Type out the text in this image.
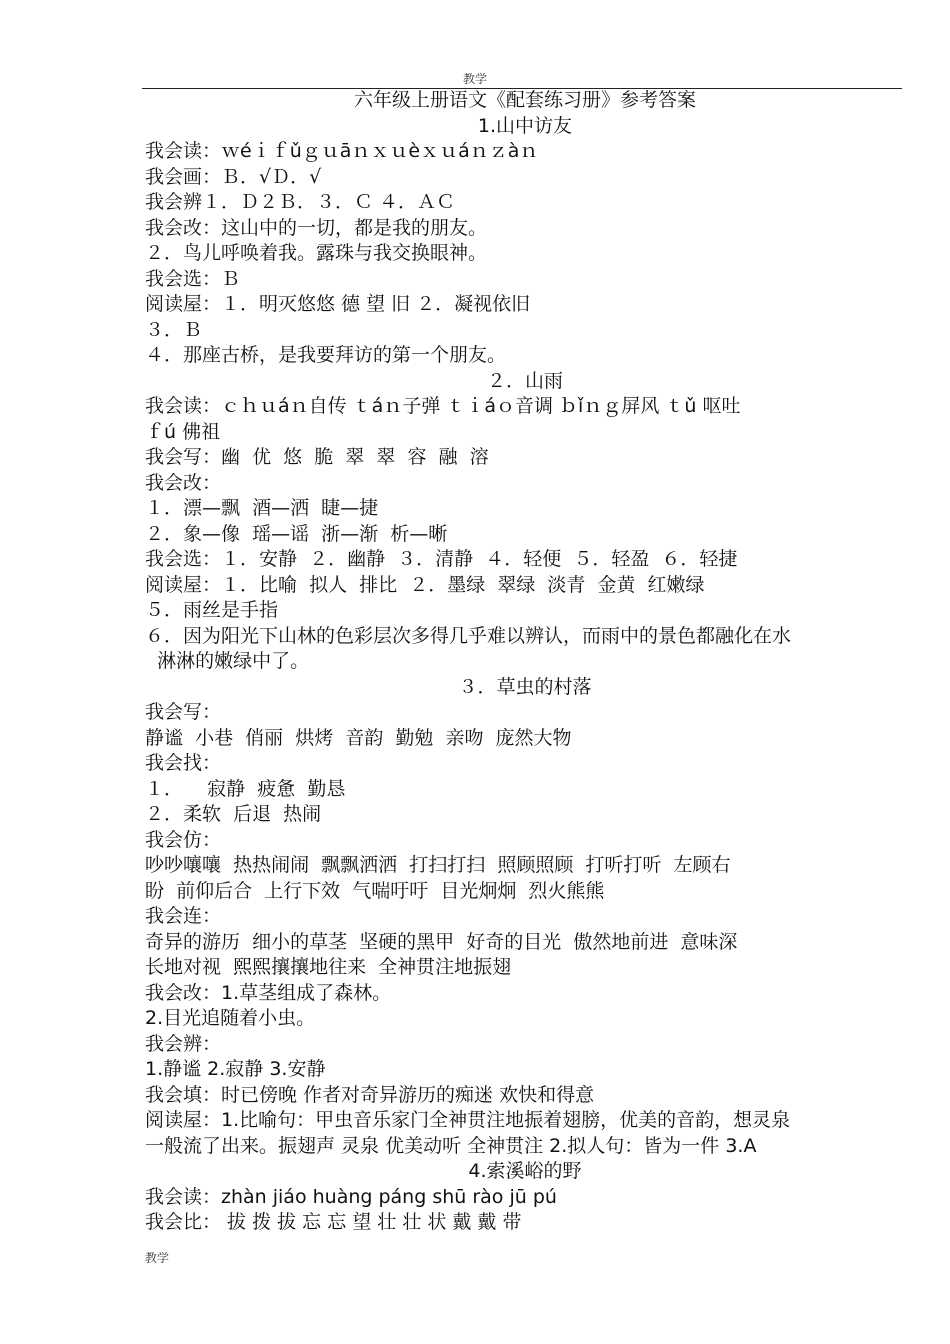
教学
六年级上册语文《配套练习册》参考答案
1.山中访友
我会读：ｗéｉｆǔｇｕāｎｘｕèｘｕáｎｚàｎ
我会画：Ｂ．√Ｄ．√
我会辨１．Ｄ２Ｂ．３．Ｃ ４．ＡＣ
我会改：这山中的一切，都是我的朋友。
２．鸟儿呼唤着我。露珠与我交换眼神。
我会选：Ｂ
阅读屋：１．明灭悠悠 德 望 旧 ２．凝视依旧
３．Ｂ
４．那座古桥，是我要拜访的第一个朋友。
２．山雨
我会读：ｃｈｕáｎ自传 ｔáｎ子弹 ｔｉáｏ音调 ｂǐｎｇ屏风 ｔǔ 呕吐
ｆú 佛祖
我会写：幽  优  悠  脆  翠  翠  容  融  溶
我会改：
１．漂—飘  酒—洒  睫—捷
２．象—像  瑶—谣  浙—渐  析—晰
我会选：１．安静  ２．幽静  ３．清静  ４．轻便  ５．轻盈  ６．轻捷
阅读屋：１．比喻  拟人  排比  ２．墨绿  翠绿  淡青  金黄  红嫩绿
５．雨丝是手指
６．因为阳光下山林的色彩层次多得几乎难以辨认，而雨中的景色都融化在水
淋淋的嫩绿中了。
３．草虫的村落
我会写：
静谧  小巷  俏丽  烘烤  音韵  勤勉  亲吻  庞然大物
我会找：
１．    寂静  疲惫  勤恳
２．柔软  后退  热闹
我会仿：
吵吵嚷嚷  热热闹闹  飘飘洒洒  打扫打扫  照顾照顾  打听打听  左顾右
盼  前仰后合  上行下效  气喘吁吁  目光炯炯  烈火熊熊
我会连：
奇异的游历  细小的草茎  坚硬的黑甲  好奇的目光  傲然地前进  意味深
长地对视  熙熙攘攘地往来  全神贯注地振翅
我会改：1.草茎组成了森林。
2.目光追随着小虫。
我会辨：
1.静谧 2.寂静 3.安静
我会填：时已傍晚 作者对奇异游历的痴迷 欢快和得意
阅读屋：1.比喻句：甲虫音乐家门全神贯注地振着翅膀，优美的音韵，想灵泉
一般流了出来。振翅声 灵泉 优美动听 全神贯注 2.拟人句：皆为一件 3.A
4.索溪峪的野
我会读：zhàn jiáo huàng páng shū rào jū pú
我会比： 拔 拨 拔 忘 忘 望 壮 壮 状 戴 戴 带
教学
